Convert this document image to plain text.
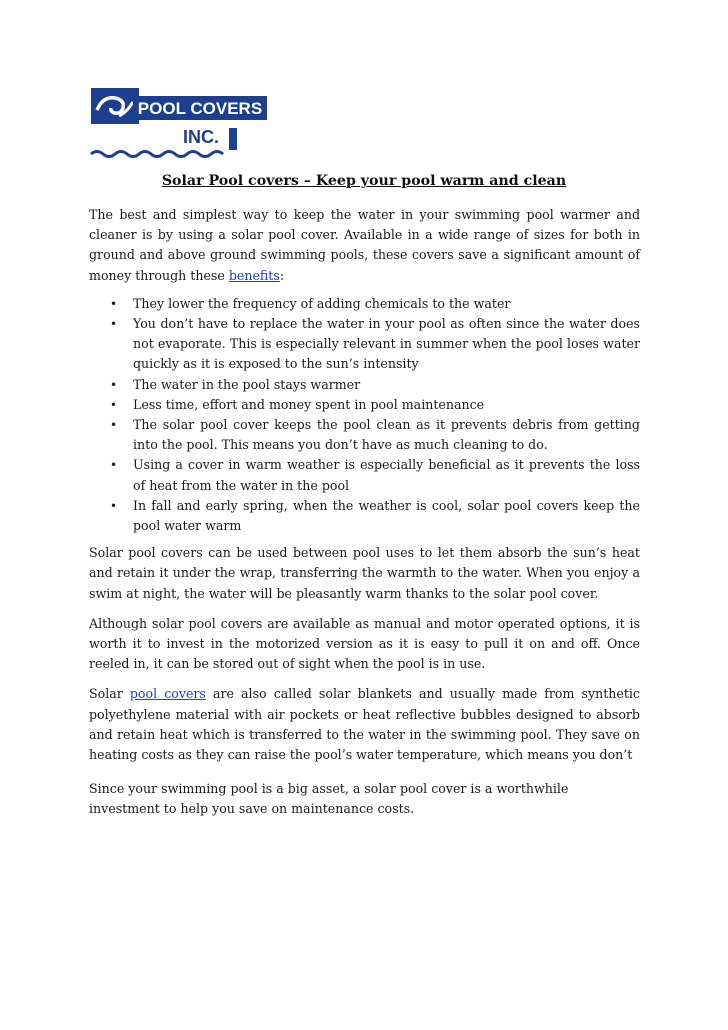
POOL COVERS
INC.
Solar Pool covers – Keep your pool warm and clean

The best and simplest way to keep the water in your swimming pool warmer and cleaner is by using a solar pool cover. Available in a wide range of sizes for both in ground and above ground swimming pools, these covers save a significant amount of money through these benefits:

• They lower the frequency of adding chemicals to the water
• You don’t have to replace the water in your pool as often since the water does not evaporate. This is especially relevant in summer when the pool loses water quickly as it is exposed to the sun’s intensity
• The water in the pool stays warmer
• Less time, effort and money spent in pool maintenance
• The solar pool cover keeps the pool clean as it prevents debris from getting into the pool. This means you don’t have as much cleaning to do.
• Using a cover in warm weather is especially beneficial as it prevents the loss of heat from the water in the pool
• In fall and early spring, when the weather is cool, solar pool covers keep the pool water warm

Solar pool covers can be used between pool uses to let them absorb the sun’s heat and retain it under the wrap, transferring the warmth to the water. When you enjoy a swim at night, the water will be pleasantly warm thanks to the solar pool cover.

Although solar pool covers are available as manual and motor operated options, it is worth it to invest in the motorized version as it is easy to pull it on and off. Once reeled in, it can be stored out of sight when the pool is in use.

Solar pool covers are also called solar blankets and usually made from synthetic polyethylene material with air pockets or heat reflective bubbles designed to absorb and retain heat which is transferred to the water in the swimming pool. They save on heating costs as they can raise the pool’s water temperature, which means you don’t

Since your swimming pool is a big asset, a solar pool cover is a worthwhile investment to help you save on maintenance costs.
